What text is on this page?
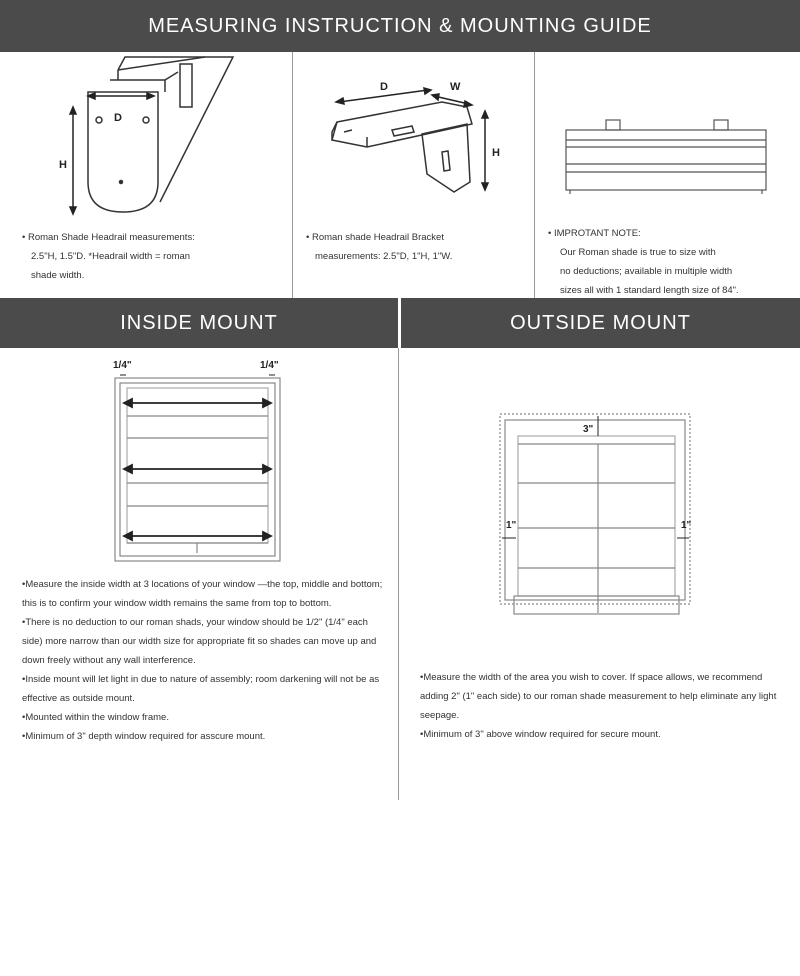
MEASURING INSTRUCTION & MOUNTING GUIDE
D
H

• Roman Shade Headrail measurements:

2.5"H, 1.5"D. *Headrail width = roman

shade width.

D	W
H

• Roman shade Headrail Bracket

measurements: 2.5"D, 1"H, 1"W.

• IMPROTANT NOTE:

Our Roman shade is true to size with

no deductions; available in multiple width

sizes all with 1 standard length size of 84".

INSIDE MOUNT	OUTSIDE MOUNT
1/4"	1/4"

• Measure the inside width at 3 locations of your window —the top, middle and bottom; this is to confirm your window width remains the same from top to bottom.

• There is no deduction to our roman shads, your window should be 1/2" (1/4" each side) more narrow than our width size for appropriate fit so shades can move up and down freely without any wall interference.

• Inside mount will let light in due to nature of assembly; room darkening will not be as effective as outside mount.

• Mounted within the window frame.

• Minimum of 3" depth window required for asscure mount.

3"
1"	1"

• Measure the width of the area you wish to cover. If space allows, we recommend adding 2" (1" each side) to our roman shade measurement to help eliminate any light seepage.

• Minimum of 3" above window required for secure mount.
